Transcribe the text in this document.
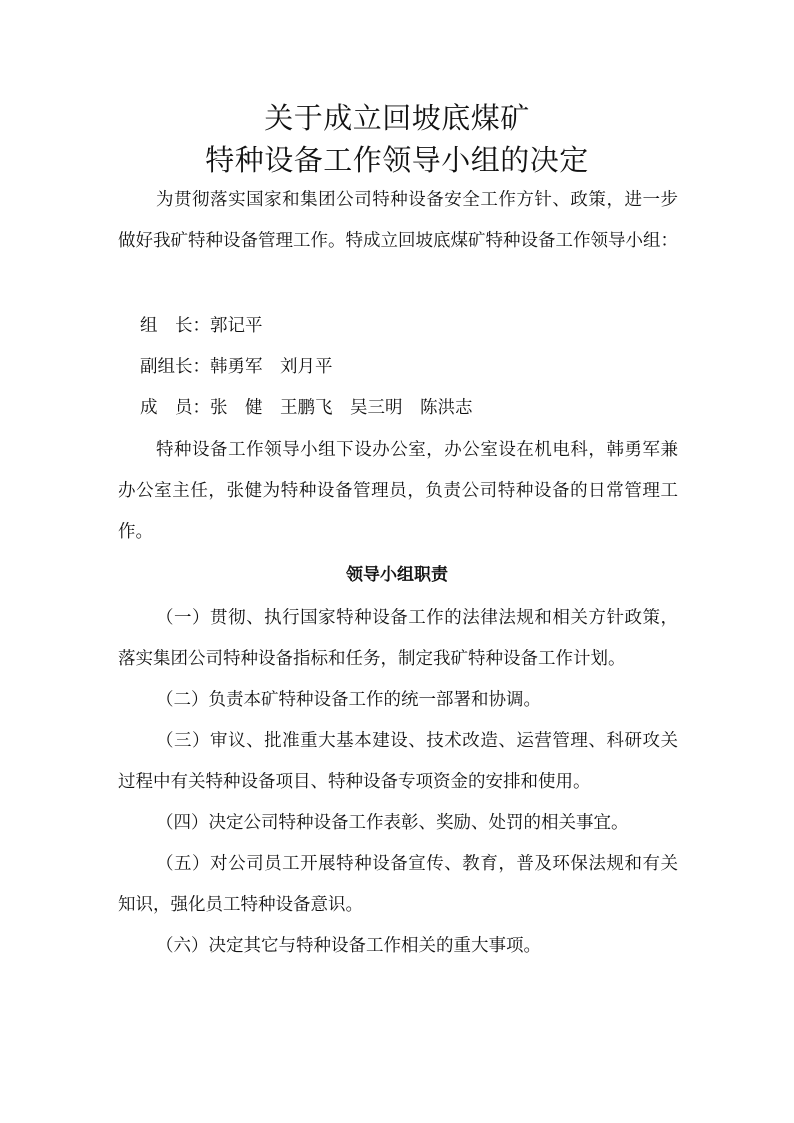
关于成立回坡底煤矿
特种设备工作领导小组的决定

为贯彻落实国家和集团公司特种设备安全工作方针、政策，进一步做好我矿特种设备管理工作。特成立回坡底煤矿特种设备工作领导小组：

组　长：郭记平

副组长：韩勇军　刘月平

成　员：张　健　王鹏飞　吴三明　陈洪志

特种设备工作领导小组下设办公室，办公室设在机电科，韩勇军兼办公室主任，张健为特种设备管理员，负责公司特种设备的日常管理工作。

领导小组职责

（一）贯彻、执行国家特种设备工作的法律法规和相关方针政策，落实集团公司特种设备指标和任务，制定我矿特种设备工作计划。

（二）负责本矿特种设备工作的统一部署和协调。

（三）审议、批准重大基本建设、技术改造、运营管理、科研攻关过程中有关特种设备项目、特种设备专项资金的安排和使用。

（四）决定公司特种设备工作表彰、奖励、处罚的相关事宜。

（五）对公司员工开展特种设备宣传、教育，普及环保法规和有关知识，强化员工特种设备意识。

（六）决定其它与特种设备工作相关的重大事项。
